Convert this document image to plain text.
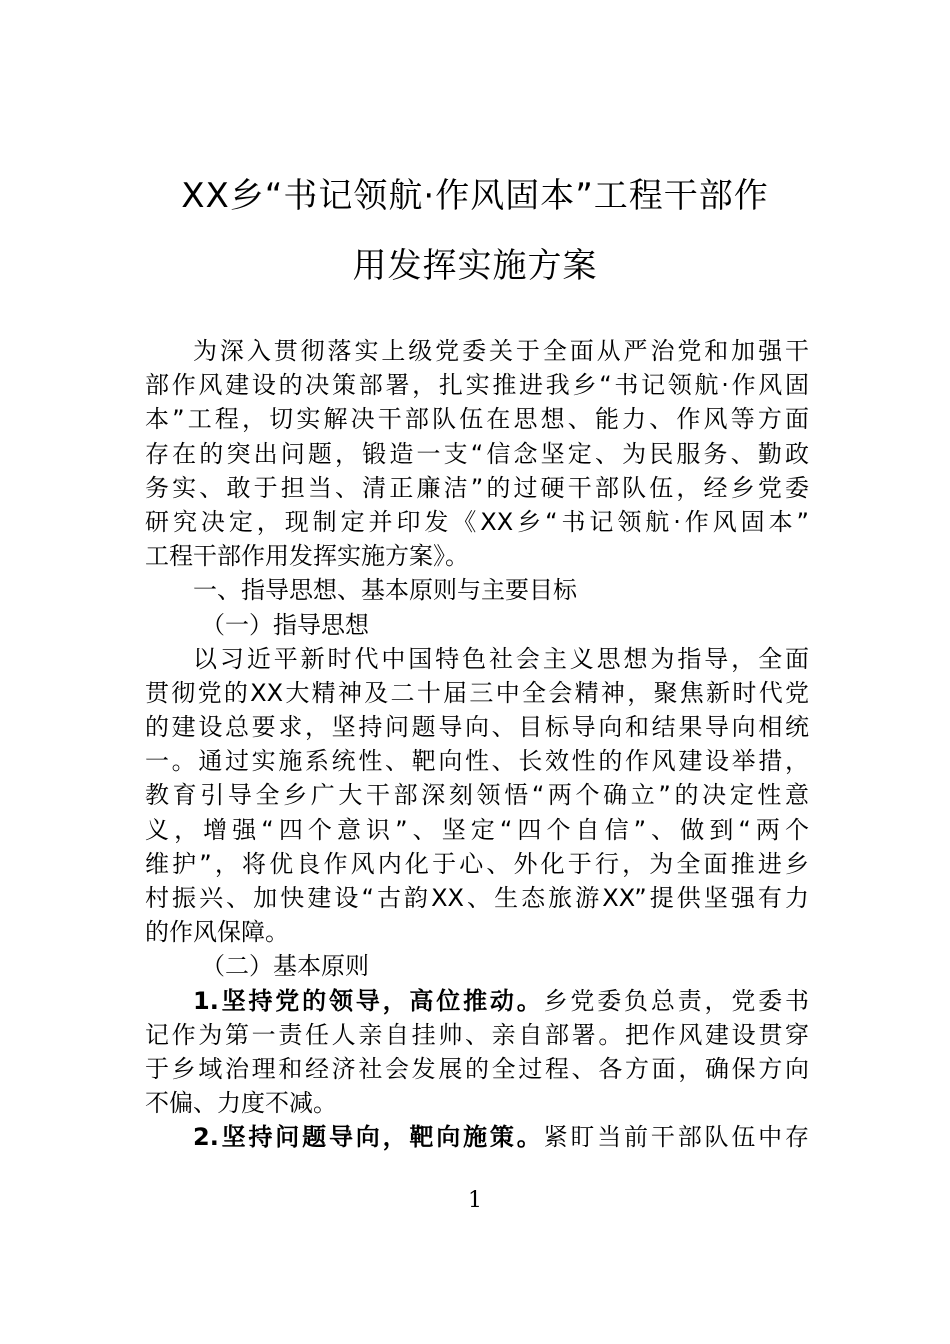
XX乡“书记领航·作风固本”工程干部作
用发挥实施方案
为深入贯彻落实上级党委关于全面从严治党和加强干
部作风建设的决策部署，扎实推进我乡“书记领航·作风固
本”工程，切实解决干部队伍在思想、能力、作风等方面
存在的突出问题，锻造一支“信念坚定、为民服务、勤政
务实、敢于担当、清正廉洁”的过硬干部队伍，经乡党委
研究决定，现制定并印发《XX乡“书记领航·作风固本”
工程干部作用发挥实施方案》。
一、指导思想、基本原则与主要目标
（一）指导思想
以习近平新时代中国特色社会主义思想为指导，全面
贯彻党的XX大精神及二十届三中全会精神，聚焦新时代党
的建设总要求，坚持问题导向、目标导向和结果导向相统
一。通过实施系统性、靶向性、长效性的作风建设举措，
教育引导全乡广大干部深刻领悟“两个确立”的决定性意
义，增强“四个意识”、坚定“四个自信”、做到“两个
维护”，将优良作风内化于心、外化于行，为全面推进乡
村振兴、加快建设“古韵XX、生态旅游XX”提供坚强有力
的作风保障。
（二）基本原则
1.坚持党的领导，高位推动。乡党委负总责，党委书
记作为第一责任人亲自挂帅、亲自部署。把作风建设贯穿
于乡域治理和经济社会发展的全过程、各方面，确保方向
不偏、力度不减。
2.坚持问题导向，靶向施策。紧盯当前干部队伍中存
1
